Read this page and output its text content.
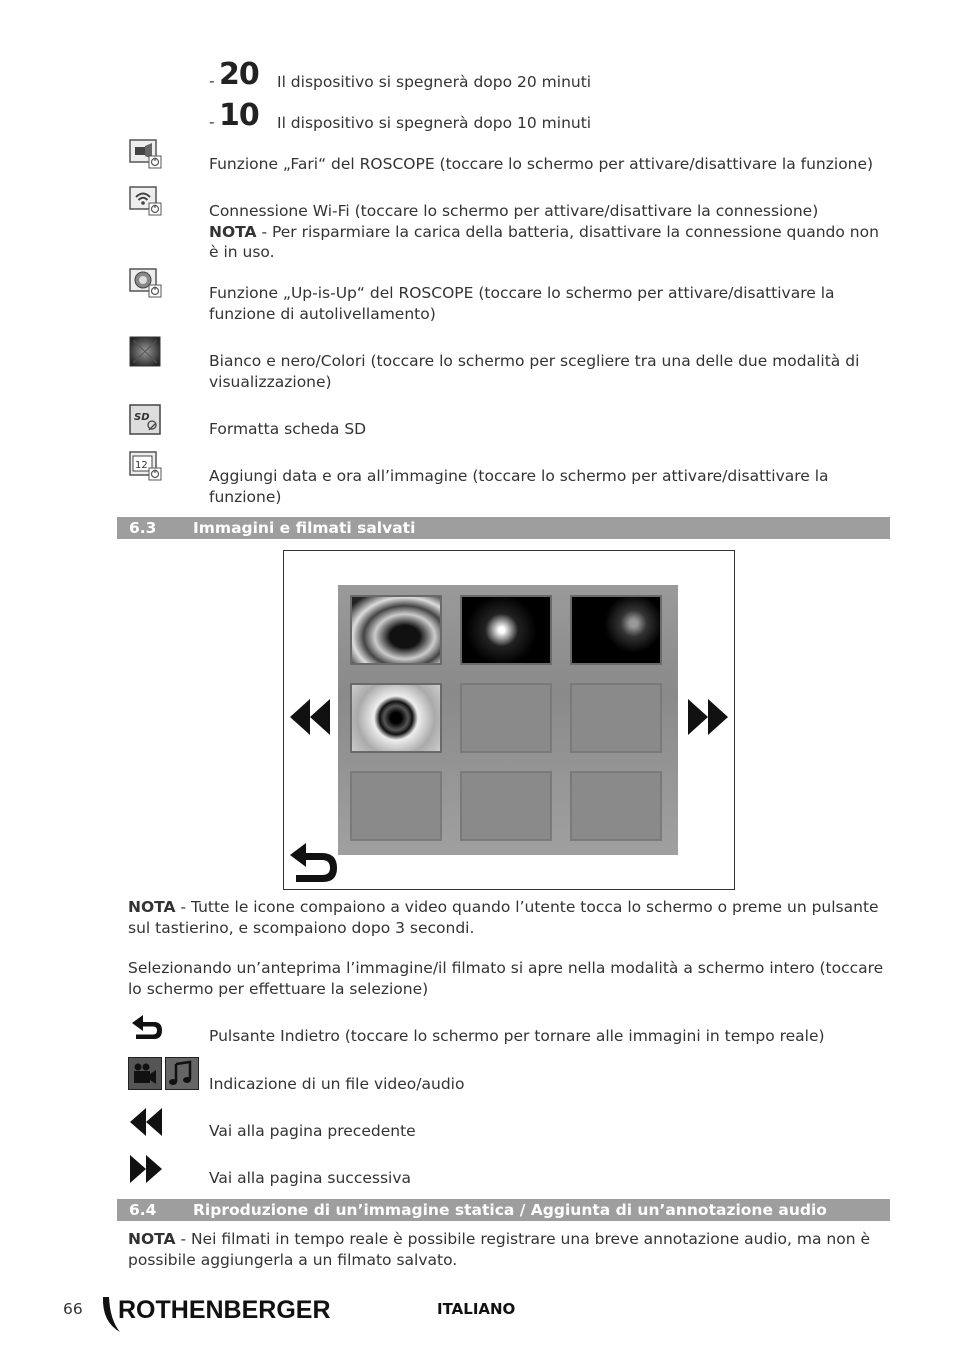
- 20 Il dispositivo si spegnerà dopo 20 minuti
- 10 Il dispositivo si spegnerà dopo 10 minuti
Funzione „Fari“ del ROSCOPE (toccare lo schermo per attivare/disattivare la funzione)
Connessione Wi-Fi (toccare lo schermo per attivare/disattivare la connessione)
NOTA - Per risparmiare la carica della batteria, disattivare la connessione quando non è in uso.
Funzione „Up-is-Up“ del ROSCOPE (toccare lo schermo per attivare/disattivare la funzione di autolivellamento)
Bianco e nero/Colori (toccare lo schermo per scegliere tra una delle due modalità di visualizzazione)
SD
Formatta scheda SD
12
Aggiungi data e ora all’immagine (toccare lo schermo per attivare/disattivare la funzione)
6.3 Immagini e filmati salvati
NOTA - Tutte le icone compaiono a video quando l’utente tocca lo schermo o preme un pulsante sul tastierino, e scompaiono dopo 3 secondi.
Selezionando un’anteprima l’immagine/il filmato si apre nella modalità a schermo intero (toccare lo schermo per effettuare la selezione)
Pulsante Indietro (toccare lo schermo per tornare alle immagini in tempo reale)
Indicazione di un file video/audio
Vai alla pagina precedente
Vai alla pagina successiva
6.4 Riproduzione di un’immagine statica / Aggiunta di un’annotazione audio
NOTA - Nei filmati in tempo reale è possibile registrare una breve annotazione audio, ma non è possibile aggiungerla a un filmato salvato.
66 ROTHENBERGER	ITALIANO
